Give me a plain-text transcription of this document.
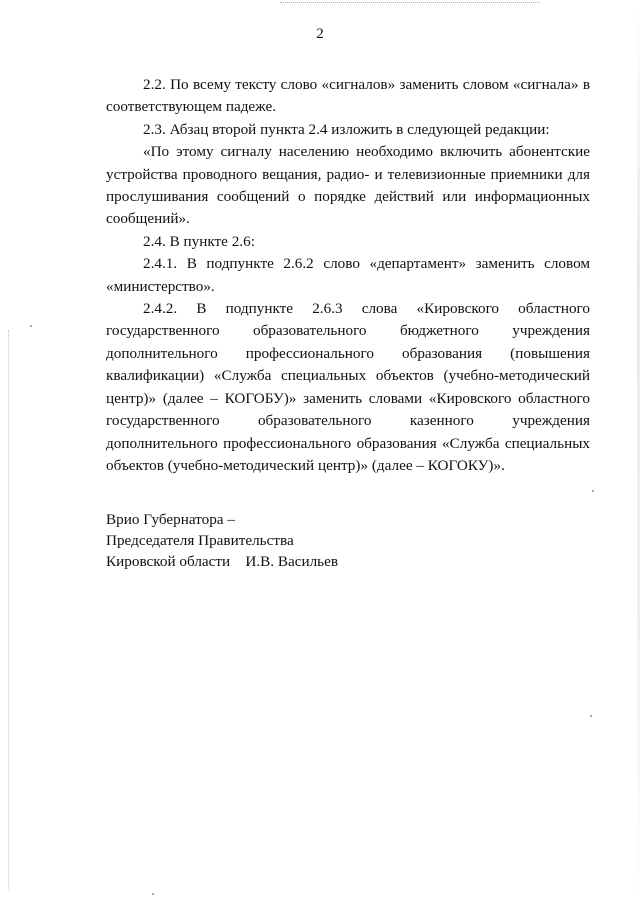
2

2.2. По всему тексту слово «сигналов» заменить словом «сигнала» в соответствующем падеже.

2.3. Абзац второй пункта 2.4 изложить в следующей редакции:

«По этому сигналу населению необходимо включить абонентские устройства проводного вещания, радио- и телевизионные приемники для прослушивания сообщений о порядке действий или информационных сообщений».

2.4. В пункте 2.6:

2.4.1. В подпункте 2.6.2 слово «департамент» заменить словом «министерство».

2.4.2. В подпункте 2.6.3 слова «Кировского областного государственного образовательного бюджетного учреждения дополнительного профессионального образования (повышения квалификации) «Служба специальных объектов (учебно-методический центр)» (далее – КОГОБУ)» заменить словами «Кировского областного государственного образовательного казенного учреждения дополнительного профессионального образования «Служба специальных объектов (учебно-методический центр)» (далее – КОГОКУ)».

Врио Губернатора –
Председателя Правительства
Кировской области    И.В. Васильев
